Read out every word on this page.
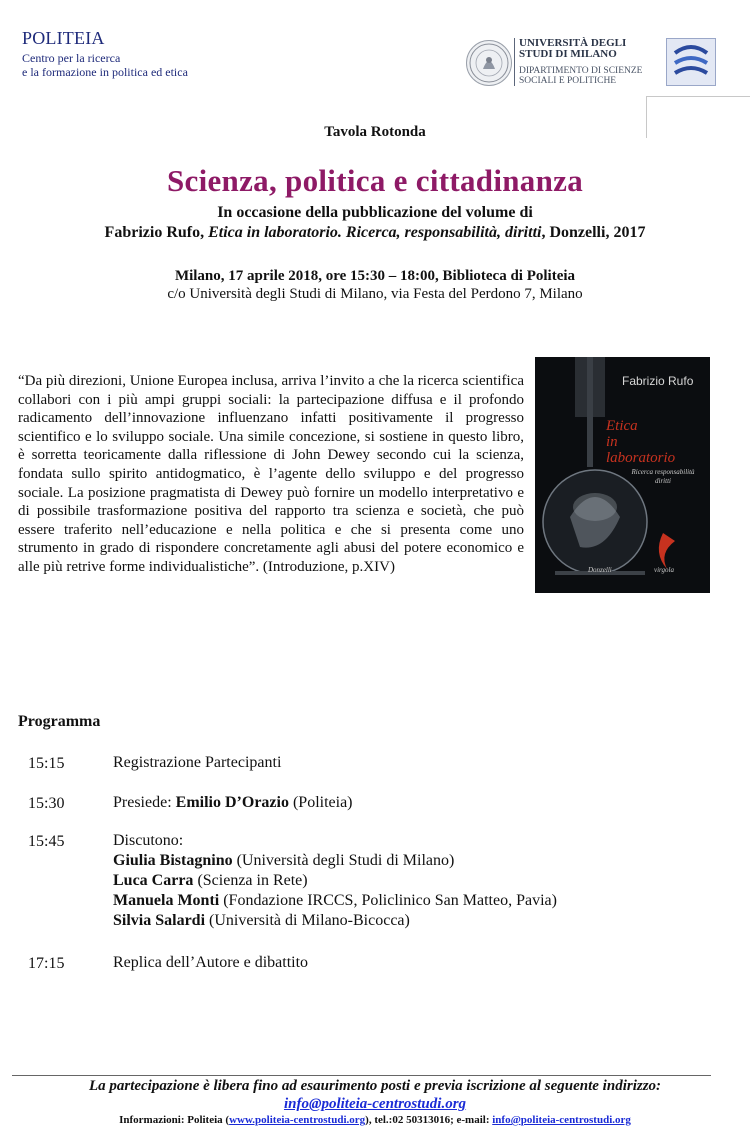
POLITEIA
Centro per la ricerca
e la formazione in politica ed etica
UNIVERSITÀ DEGLI STUDI DI MILANO
DIPARTIMENTO DI SCIENZE SOCIALI E POLITICHE
Tavola Rotonda
Scienza, politica e cittadinanza
In occasione della pubblicazione del volume di
Fabrizio Rufo, Etica in laboratorio. Ricerca, responsabilità, diritti, Donzelli, 2017
Milano, 17 aprile 2018, ore 15:30 – 18:00, Biblioteca di Politeia
c/o Università degli Studi di Milano, via Festa del Perdono 7, Milano
“Da più direzioni, Unione Europea inclusa, arriva l’invito a che la ricerca scientifica collabori con i più ampi gruppi sociali: la partecipazione diffusa e il profondo radicamento dell’innovazione influenzano infatti positivamente il progresso scientifico e lo sviluppo sociale. Una simile concezione, si sostiene in questo libro, è sorretta teoricamente dalla riflessione di John Dewey secondo cui la scienza, fondata sullo spirito antidogmatico, è l’agente dello sviluppo e del progresso sociale. La posizione pragmatista di Dewey può fornire un modello interpretativo e di possibile trasformazione positiva del rapporto tra scienza e società, che può essere traferito nell’educazione e nella politica e che si presenta come uno strumento in grado di rispondere concretamente agli abusi del potere economico e alle più retrive forme individualistiche”. (Introduzione, p.XIV)
Fabrizio Rufo
Etica
in
laboratorio
Ricerca responsabilità diritti
Donzelli	virgola
Programma
15:15	Registrazione Partecipanti
15:30	Presiede: Emilio D’Orazio (Politeia)
15:45	Discutono:
Giulia Bistagnino (Università degli Studi di Milano)
Luca Carra (Scienza in Rete)
Manuela Monti (Fondazione IRCCS, Policlinico San Matteo, Pavia)
Silvia Salardi (Università di Milano-Bicocca)
17:15	Replica dell’Autore e dibattito
La partecipazione è libera fino ad esaurimento posti e previa iscrizione al seguente indirizzo:
info@politeia-centrostudi.org
Informazioni: Politeia (www.politeia-centrostudi.org), tel.:02 50313016; e-mail: info@politeia-centrostudi.org
